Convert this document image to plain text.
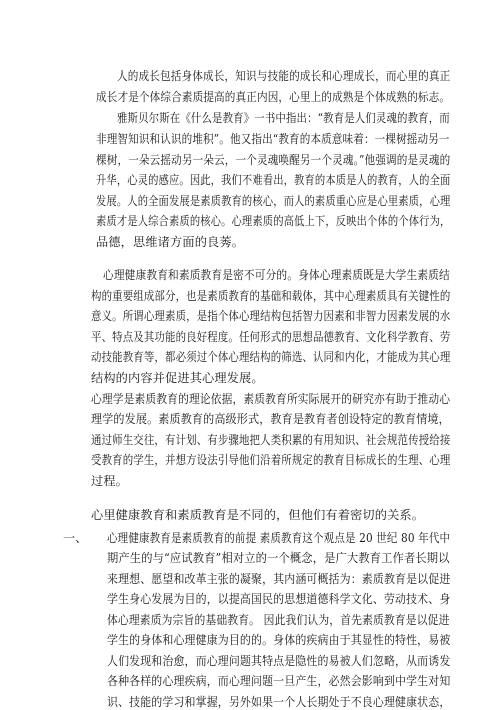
人的成长包括身体成长，知识与技能的成长和心理成长，而心里的真正
成长才是个体综合素质提高的真正内因，心里上的成熟是个体成熟的标志。
雅斯贝尔斯在《什么是教育》一书中指出：“教育是人们灵魂的教育，而
非理智知识和认识的堆积”。他又指出“教育的本质意味着：一棵树摇动另一
棵树，一朵云摇动另一朵云，一个灵魂唤醒另一个灵魂。”他强调的是灵魂的
升华，心灵的感应。因此，我们不难看出，教育的本质是人的教育，人的全面
发展。人的全面发展是素质教育的核心，而人的素质重心应是心里素质，心理
素质才是人综合素质的核心。心理素质的高低上下，反映出个体的个体行为，
品德，思维诸方面的良莠。
心理健康教育和素质教育是密不可分的。身体心理素质既是大学生素质结
构的重要组成部分，也是素质教育的基础和载体，其中心理素质具有关键性的
意义。所谓心理素质，是指个体心理结构包括智力因素和非智力因素发展的水
平、特点及其功能的良好程度。任何形式的思想品德教育、文化科学教育、劳
动技能教育等，都必须过个体心理结构的筛选、认同和内化，才能成为其心理
结构的内容并促进其心理发展。
心理学是素质教育的理论依据，素质教育所实际展开的研究亦有助于推动心
理学的发展。素质教育的高级形式，教育是教育者创设特定的教育情境，
通过师生交往，有计划、有步骤地把人类积累的有用知识、社会规范传授给接
受教育的学生，并想方设法引导他们沿着所规定的教育目标成长的生理、心理
过程。
心里健康教育和素质教育是不同的，但他们有着密切的关系。
一、 心理健康教育是素质教育的前提 素质教育这个观点是 20 世纪 80 年代中
期产生的与“应试教育”相对立的一个概念，是广大教育工作者长期以
来理想、愿望和改革主张的凝聚，其内涵可概括为：素质教育是以促进
学生身心发展为目的，以提高国民的思想道德科学文化、劳动技术、身
体心理素质为宗旨的基础教育。 因此我们认为，首先素质教育是以促进
学生的身体和心理健康为目的的。身体的疾病由于其显性的特性，易被
人们发现和治愈，而心理问题其特点是隐性的易被人们忽略，从而诱发
各种各样的心理疾病，而心理问题一旦产生，必然会影响到中学生对知
识、技能的学习和掌握，另外如果一个人长期处于不良心理健康状态，
